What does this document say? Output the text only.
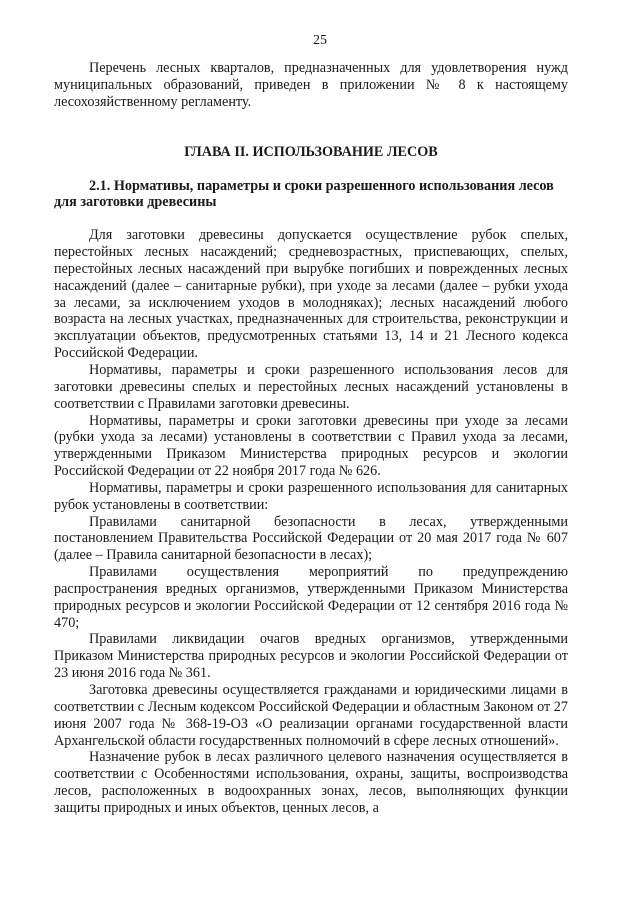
25

Перечень лесных кварталов, предназначенных для удовлетворения нужд муниципальных образований, приведен в приложении № 8 к настоящему лесохозяйственному регламенту.

ГЛАВА II. ИСПОЛЬЗОВАНИЕ ЛЕСОВ
2.1. Нормативы, параметры и сроки разрешенного использования лесов для заготовки древесины

Для заготовки древесины допускается осуществление рубок спелых, перестойных лесных насаждений; средневозрастных, приспевающих, спелых, перестойных лесных насаждений при вырубке погибших и поврежденных лесных насаждений (далее – санитарные рубки), при уходе за лесами (далее – рубки ухода за лесами, за исключением уходов в молодняках); лесных насаждений любого возраста на лесных участках, предназначенных для строительства, реконструкции и эксплуатации объектов, предусмотренных статьями 13, 14 и 21 Лесного кодекса Российской Федерации.

Нормативы, параметры и сроки разрешенного использования лесов для заготовки древесины спелых и перестойных лесных насаждений установлены в соответствии с Правилами заготовки древесины.

Нормативы, параметры и сроки заготовки древесины при уходе за лесами (рубки ухода за лесами) установлены в соответствии с Правил ухода за лесами, утвержденными Приказом Министерства природных ресурсов и экологии Российской Федерации от 22 ноября 2017 года № 626.

Нормативы, параметры и сроки разрешенного использования для санитарных рубок установлены в соответствии:

Правилами санитарной безопасности в лесах, утвержденными постановлением Правительства Российской Федерации от 20 мая 2017 года № 607 (далее – Правила санитарной безопасности в лесах);

Правилами осуществления мероприятий по предупреждению распространения вредных организмов, утвержденными Приказом Министерства природных ресурсов и экологии Российской Федерации от 12 сентября 2016 года № 470;

Правилами ликвидации очагов вредных организмов, утвержденными Приказом Министерства природных ресурсов и экологии Российской Федерации от 23 июня 2016 года № 361.

Заготовка древесины осуществляется гражданами и юридическими лицами в соответствии с Лесным кодексом Российской Федерации и областным Законом от 27 июня 2007 года № 368-19-ОЗ «О реализации органами государственной власти Архангельской области государственных полномочий в сфере лесных отношений».

Назначение рубок в лесах различного целевого назначения осуществляется в соответствии с Особенностями использования, охраны, защиты, воспроизводства лесов, расположенных в водоохранных зонах, лесов, выполняющих функции защиты природных и иных объектов, ценных лесов, а
